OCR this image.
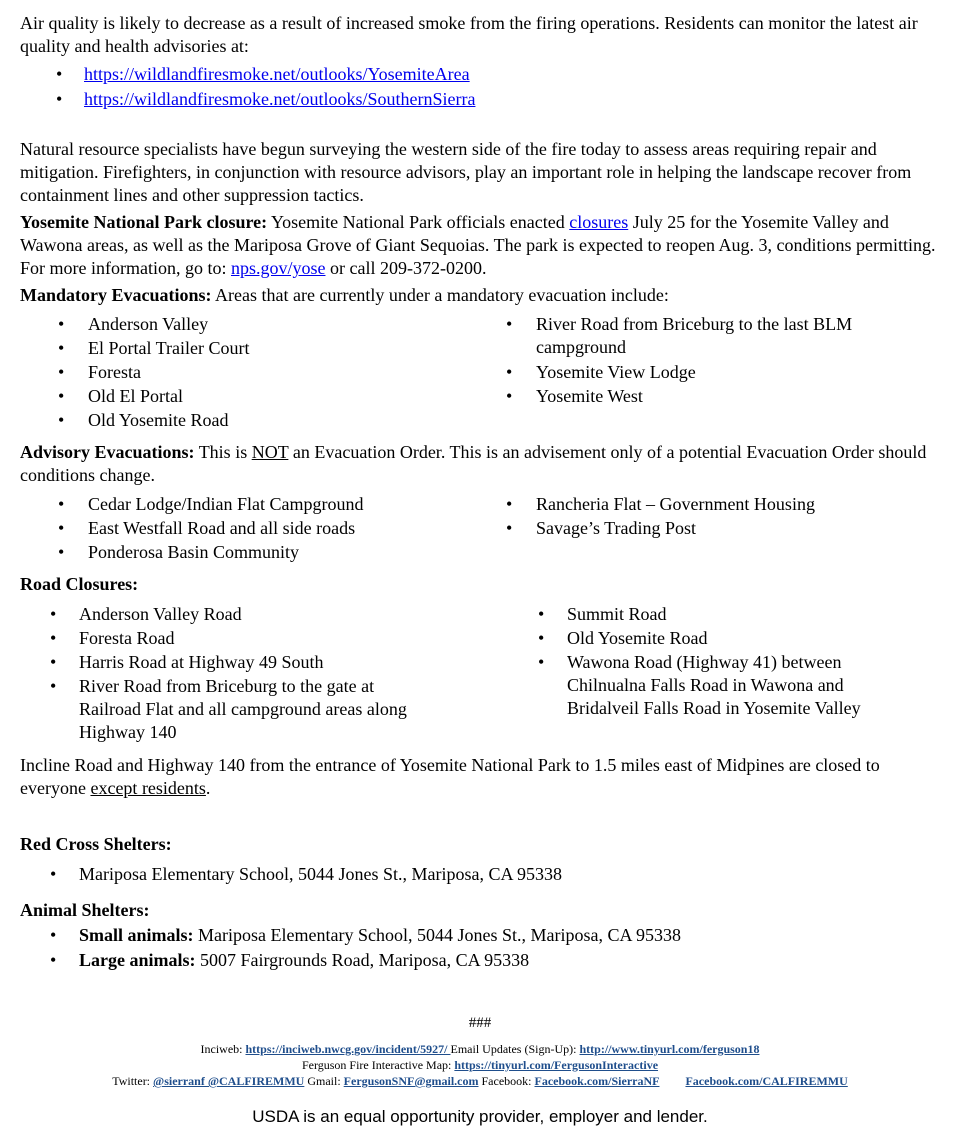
Air quality is likely to decrease as a result of increased smoke from the firing operations. Residents can monitor the latest air quality and health advisories at:

• https://wildlandfiresmoke.net/outlooks/YosemiteArea
• https://wildlandfiresmoke.net/outlooks/SouthernSierra

Natural resource specialists have begun surveying the western side of the fire today to assess areas requiring repair and mitigation. Firefighters, in conjunction with resource advisors, play an important role in helping the landscape recover from containment lines and other suppression tactics.

Yosemite National Park closure: Yosemite National Park officials enacted closures July 25 for the Yosemite Valley and Wawona areas, as well as the Mariposa Grove of Giant Sequoias. The park is expected to reopen Aug. 3, conditions permitting. For more information, go to: nps.gov/yose or call 209-372-0200.

Mandatory Evacuations: Areas that are currently under a mandatory evacuation include:

• Anderson Valley
• El Portal Trailer Court
• Foresta
• Old El Portal
• Old Yosemite Road
• River Road from Briceburg to the last BLM campground
• Yosemite View Lodge
• Yosemite West

Advisory Evacuations: This is NOT an Evacuation Order. This is an advisement only of a potential Evacuation Order should conditions change.

• Cedar Lodge/Indian Flat Campground
• East Westfall Road and all side roads
• Ponderosa Basin Community
• Rancheria Flat – Government Housing
• Savage’s Trading Post

Road Closures:

• Anderson Valley Road
• Foresta Road
• Harris Road at Highway 49 South
• River Road from Briceburg to the gate at Railroad Flat and all campground areas along Highway 140
• Summit Road
• Old Yosemite Road
• Wawona Road (Highway 41) between Chilnualna Falls Road in Wawona and Bridalveil Falls Road in Yosemite Valley

Incline Road and Highway 140 from the entrance of Yosemite National Park to 1.5 miles east of Midpines are closed to everyone except residents.

Red Cross Shelters:

• Mariposa Elementary School, 5044 Jones St., Mariposa, CA 95338

Animal Shelters:

• Small animals: Mariposa Elementary School, 5044 Jones St., Mariposa, CA 95338
• Large animals: 5007 Fairgrounds Road, Mariposa, CA 95338
###
Inciweb: https://inciweb.nwcg.gov/incident/5927/ Email Updates (Sign-Up): http://www.tinyurl.com/ferguson18
Ferguson Fire Interactive Map: https://tinyurl.com/FergusonInteractive
Twitter: @sierranf @CALFIREMMU Gmail: FergusonSNF@gmail.com Facebook: Facebook.com/SierraNF Facebook.com/CALFIREMMU
USDA is an equal opportunity provider, employer and lender.
